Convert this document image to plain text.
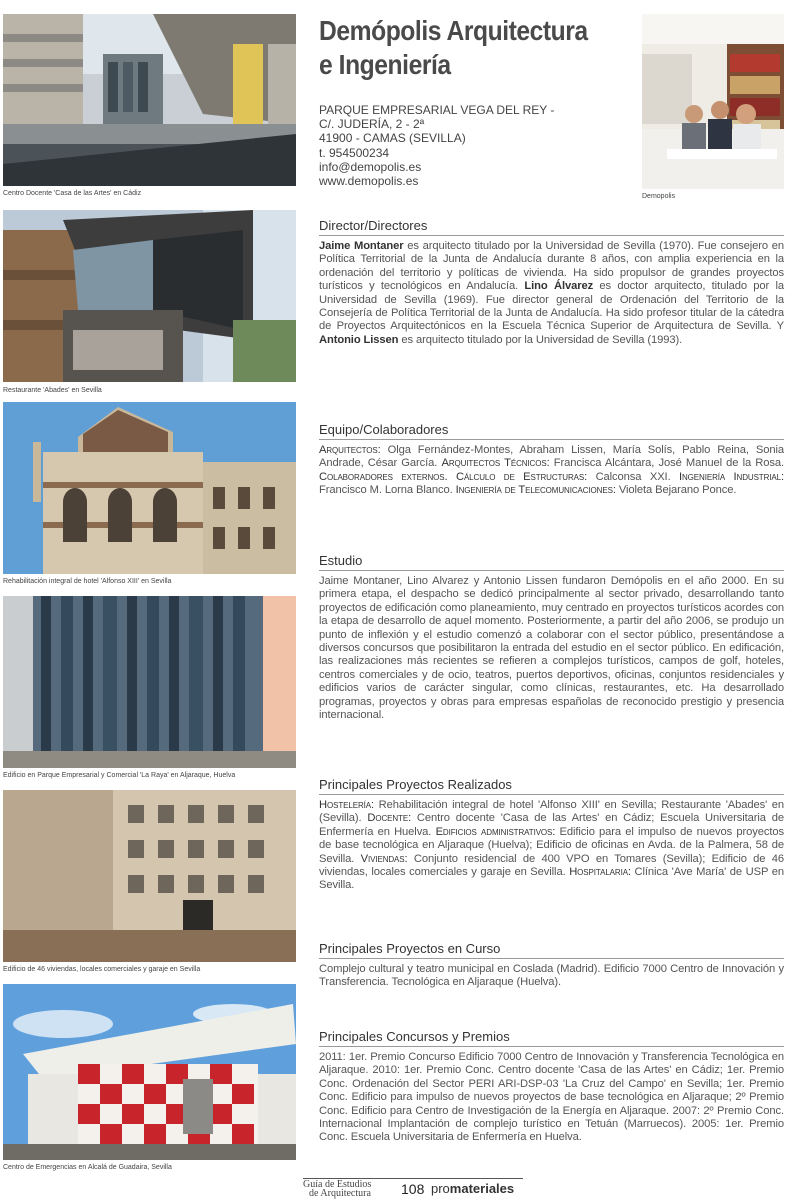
Centro Docente 'Casa de las Artes' en Cádiz
Restaurante 'Abades' en Sevilla
Rehabilitación integral de hotel 'Alfonso XIII' en Sevilla
Edificio en Parque Empresarial y Comercial 'La Raya' en Aljaraque, Huelva
Edificio de 46 viviendas, locales comerciales y garaje en Sevilla
Centro de Emergencias en Alcalá de Guadaira, Sevilla
Demópolis Arquitectura
e Ingeniería
PARQUE EMPRESARIAL VEGA DEL REY -
C/. JUDERÍA, 2 - 2ª
41900 - CAMAS (SEVILLA)
t. 954500234
info@demopolis.es
www.demopolis.es
Demopolis
Director/Directores

Jaime Montaner es arquitecto titulado por la Universidad de Sevilla (1970). Fue consejero en Política Territorial de la Junta de Andalucía durante 8 años, con amplia experiencia en la ordenación del territorio y políticas de vivienda. Ha sido propulsor de grandes proyectos turísticos y tecnológicos en Andalucía. Lino Álvarez es doctor arquitecto, titulado por la Universidad de Sevilla (1969). Fue director general de Ordenación del Territorio de la Consejería de Política Territorial de la Junta de Andalucía. Ha sido profesor titular de la cátedra de Proyectos Arquitectónicos en la Escuela Técnica Superior de Arquitectura de Sevilla. Y Antonio Lissen es arquitecto titulado por la Universidad de Sevilla (1993).

Equipo/Colaboradores

Arquitectos: Olga Fernández-Montes, Abraham Lissen, María Solís, Pablo Reina, Sonia Andrade, César García. Arquitectos Técnicos: Francisca Alcántara, José Manuel de la Rosa. Colaboradores externos. Cálculo de Estructuras: Calconsa XXI. Ingeniería Industrial: Francisco M. Lorna Blanco. Ingeniería de Telecomunicaciones: Violeta Bejarano Ponce.

Estudio

Jaime Montaner, Lino Alvarez y Antonio Lissen fundaron Demópolis en el año 2000. En su primera etapa, el despacho se dedicó principalmente al sector privado, desarrollando tanto proyectos de edificación como planeamiento, muy centrado en proyectos turísticos acordes con la etapa de desarrollo de aquel momento. Posteriormente, a partir del año 2006, se produjo un punto de inflexión y el estudio comenzó a colaborar con el sector público, presentándose a diversos concursos que posibilitaron la entrada del estudio en el sector público. En edificación, las realizaciones más recientes se refieren a complejos turísticos, campos de golf, hoteles, centros comerciales y de ocio, teatros, puertos deportivos, oficinas, conjuntos residenciales y edificios varios de carácter singular, como clínicas, restaurantes, etc. Ha desarrollado programas, proyectos y obras para empresas españolas de reconocido prestigio y presencia internacional.

Principales Proyectos Realizados

Hostelería: Rehabilitación integral de hotel 'Alfonso XIII' en Sevilla; Restaurante 'Abades' en (Sevilla). Docente: Centro docente 'Casa de las Artes' en Cádiz; Escuela Universitaria de Enfermería en Huelva. Edificios administrativos: Edificio para el impulso de nuevos proyectos de base tecnológica en Aljaraque (Huelva); Edificio de oficinas en Avda. de la Palmera, 58 de Sevilla. Viviendas: Conjunto residencial de 400 VPO en Tomares (Sevilla); Edificio de 46 viviendas, locales comerciales y garaje en Sevilla. Hospitalaria: Clínica 'Ave María' de USP en Sevilla.

Principales Proyectos en Curso

Complejo cultural y teatro municipal en Coslada (Madrid). Edificio 7000 Centro de Innovación y Transferencia. Tecnológica en Aljaraque (Huelva).

Principales Concursos y Premios

2011: 1er. Premio Concurso Edificio 7000 Centro de Innovación y Transferencia Tecnológica en Aljaraque. 2010: 1er. Premio Conc. Centro docente 'Casa de las Artes' en Cádiz; 1er. Premio Conc. Ordenación del Sector PERI ARI-DSP-03 'La Cruz del Campo' en Sevilla; 1er. Premio Conc. Edificio para impulso de nuevos proyectos de base tecnológica en Aljaraque; 2º Premio Conc. Edificio para Centro de Investigación de la Energía en Aljaraque. 2007: 2º Premio Conc. Internacional Implantación de complejo turístico en Tetuán (Marruecos). 2005: 1er. Premio Conc. Escuela Universitaria de Enfermería en Huelva.

Guía de Estudios
de Arquitectura 108 promateriales
